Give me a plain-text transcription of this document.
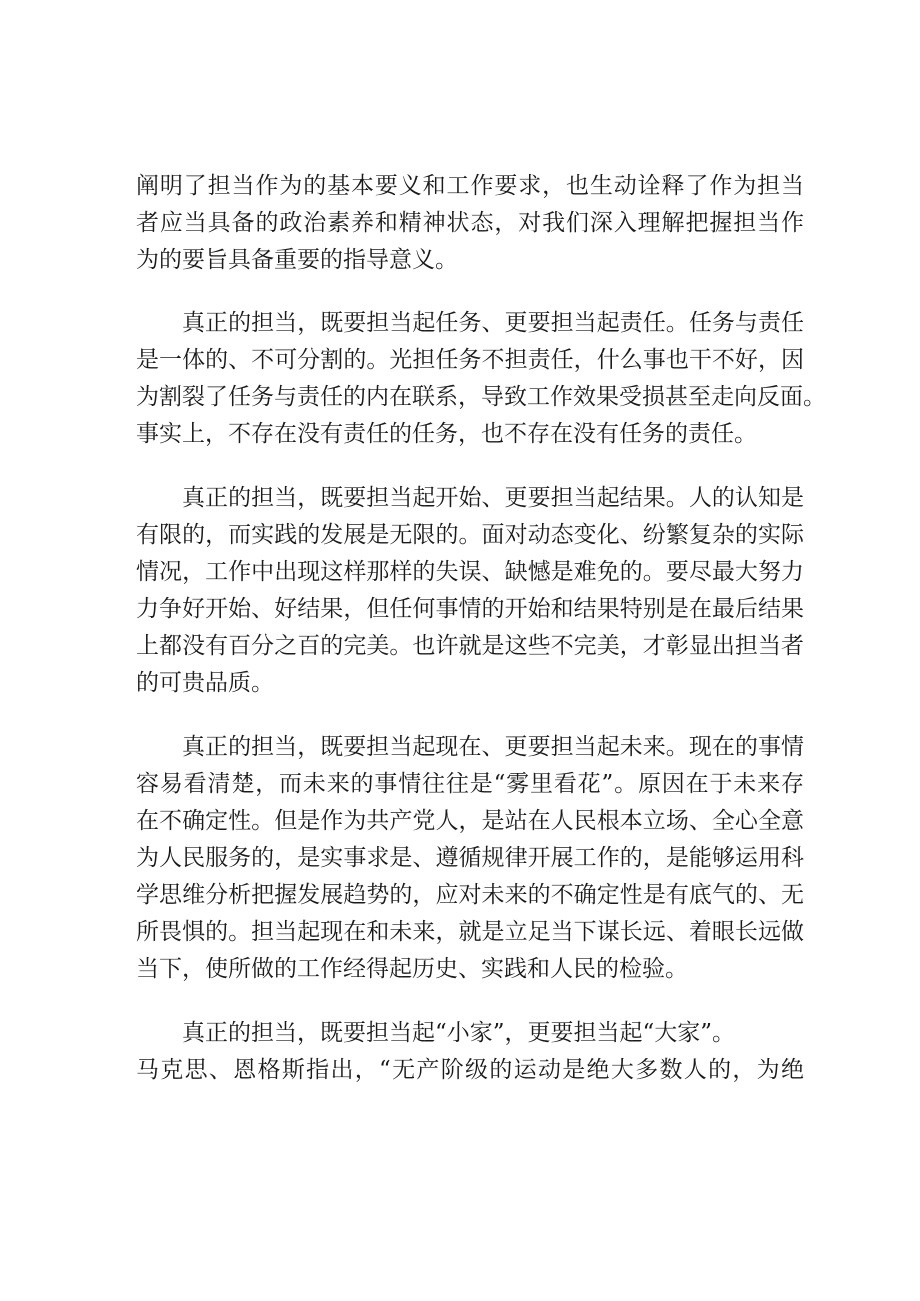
阐明了担当作为的基本要义和工作要求，也生动诠释了作为担当
者应当具备的政治素养和精神状态，对我们深入理解把握担当作
为的要旨具备重要的指导意义。
真正的担当，既要担当起任务、更要担当起责任。任务与责任
是一体的、不可分割的。光担任务不担责任，什么事也干不好，因
为割裂了任务与责任的内在联系，导致工作效果受损甚至走向反面。
事实上，不存在没有责任的任务，也不存在没有任务的责任。
真正的担当，既要担当起开始、更要担当起结果。人的认知是
有限的，而实践的发展是无限的。面对动态变化、纷繁复杂的实际
情况，工作中出现这样那样的失误、缺憾是难免的。要尽最大努力
力争好开始、好结果，但任何事情的开始和结果特别是在最后结果
上都没有百分之百的完美。也许就是这些不完美，才彰显出担当者
的可贵品质。
真正的担当，既要担当起现在、更要担当起未来。现在的事情
容易看清楚，而未来的事情往往是“雾里看花”。原因在于未来存
在不确定性。但是作为共产党人，是站在人民根本立场、全心全意
为人民服务的，是实事求是、遵循规律开展工作的，是能够运用科
学思维分析把握发展趋势的，应对未来的不确定性是有底气的、无
所畏惧的。担当起现在和未来，就是立足当下谋长远、着眼长远做
当下，使所做的工作经得起历史、实践和人民的检验。
真正的担当，既要担当起“小家”，更要担当起“大家”。
马克思、恩格斯指出，“无产阶级的运动是绝大多数人的，为绝
